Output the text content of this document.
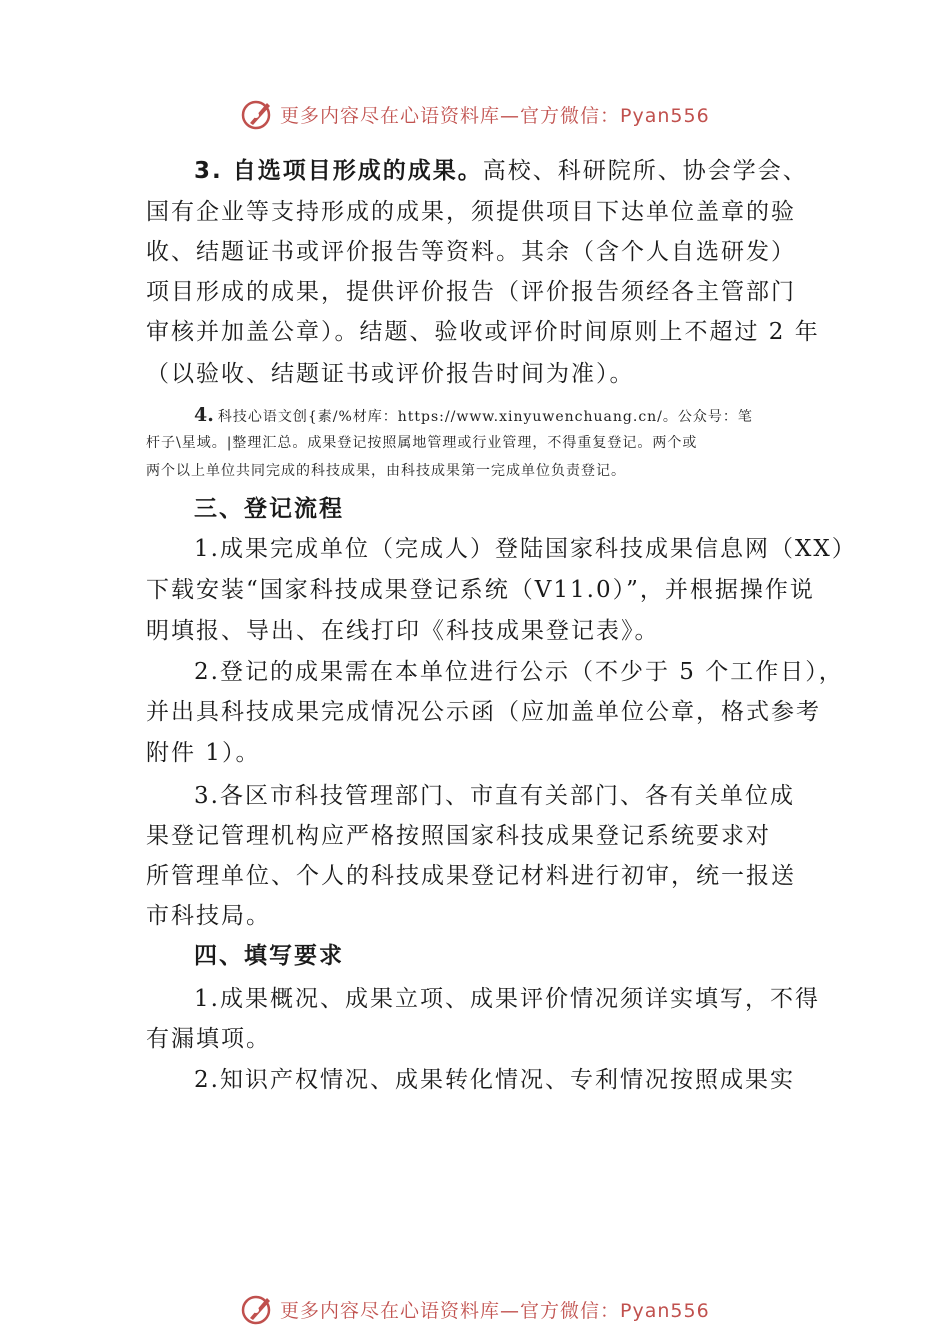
更多内容尽在心语资料库—官方微信：Pyan556
3. 自选项目形成的成果。高校、科研院所、协会学会、
国有企业等支持形成的成果，须提供项目下达单位盖章的验
收、结题证书或评价报告等资料。其余（含个人自选研发）
项目形成的成果，提供评价报告（评价报告须经各主管部门
审核并加盖公章）。结题、验收或评价时间原则上不超过 2 年
（以验收、结题证书或评价报告时间为准）。
4. 科技心语文创{素/%材库：https://www.xinyuwenchuang.cn/。公众号：笔
杆子\星域。|整理汇总。成果登记按照属地管理或行业管理，不得重复登记。两个或
两个以上单位共同完成的科技成果，由科技成果第一完成单位负责登记。
三、登记流程
1.成果完成单位（完成人）登陆国家科技成果信息网（XX）
下载安装“国家科技成果登记系统（V11.0）”，并根据操作说
明填报、导出、在线打印《科技成果登记表》。
2.登记的成果需在本单位进行公示（不少于 5 个工作日），
并出具科技成果完成情况公示函（应加盖单位公章，格式参考
附件 1）。
3.各区市科技管理部门、市直有关部门、各有关单位成
果登记管理机构应严格按照国家科技成果登记系统要求对
所管理单位、个人的科技成果登记材料进行初审，统一报送
市科技局。
四、填写要求
1.成果概况、成果立项、成果评价情况须详实填写，不得
有漏填项。
2.知识产权情况、成果转化情况、专利情况按照成果实
更多内容尽在心语资料库—官方微信：Pyan556
